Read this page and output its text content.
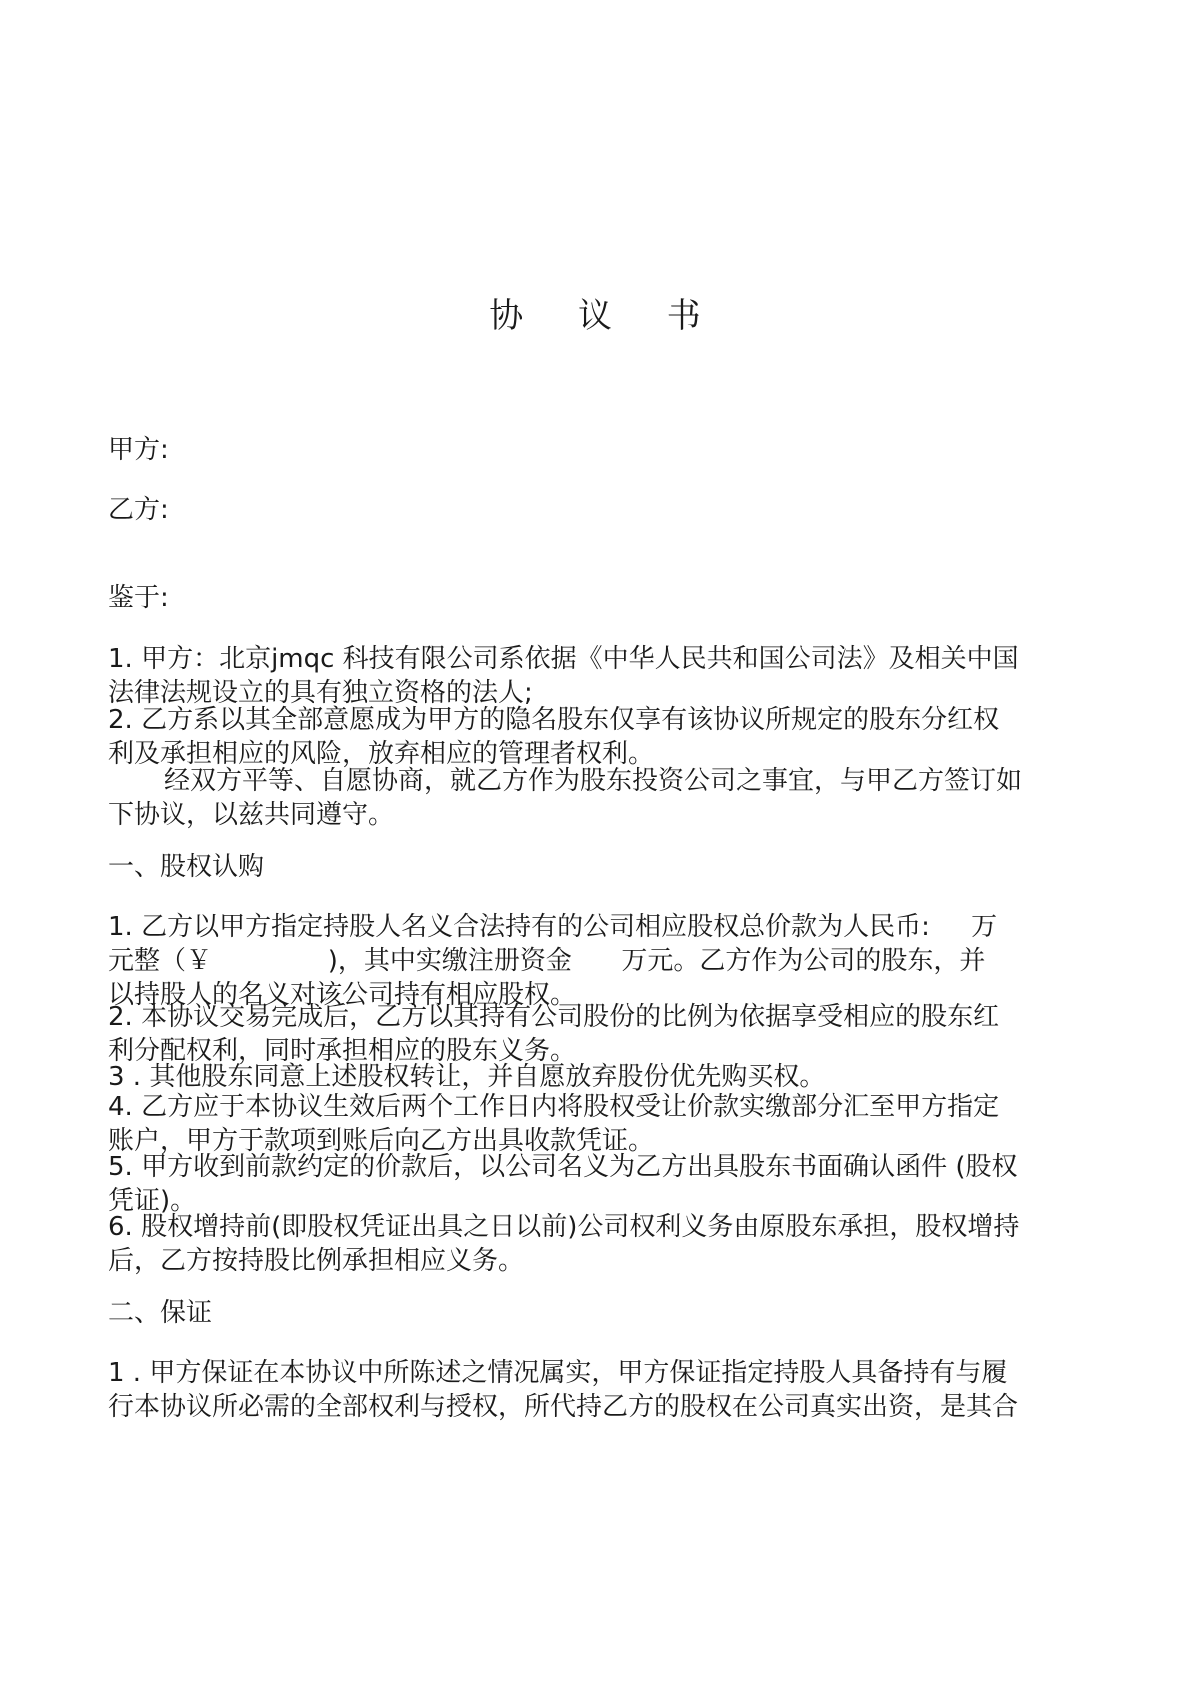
协 议 书

甲方:

乙方:

鉴于:

1. 甲方：北京jmqc 科技有限公司系依据《中华人民共和国公司法》及相关中国
法律法规设立的具有独立资格的法人;
2. 乙方系以其全部意愿成为甲方的隐名股东仅享有该协议所规定的股东分红权
利及承担相应的风险，放弃相应的管理者权利。
经双方平等、自愿协商，就乙方作为股东投资公司之事宜，与甲乙方签订如
下协议，以兹共同遵守。

一、股权认购

1. 乙方以甲方指定持股人名义合法持有的公司相应股权总价款为人民币:     万
元整（￥              )，其中实缴注册资金      万元。乙方作为公司的股东，并
以持股人的名义对该公司持有相应股权。
2. 本协议交易完成后，乙方以其持有公司股份的比例为依据享受相应的股东红
利分配权利，同时承担相应的股东义务。
3 . 其他股东同意上述股权转让，并自愿放弃股份优先购买权。
4. 乙方应于本协议生效后两个工作日内将股权受让价款实缴部分汇至甲方指定
账户，甲方于款项到账后向乙方出具收款凭证。
5. 甲方收到前款约定的价款后，以公司名义为乙方出具股东书面确认函件 (股权
凭证)。
6. 股权增持前(即股权凭证出具之日以前)公司权利义务由原股东承担，股权增持
后，乙方按持股比例承担相应义务。

二、保证

1 . 甲方保证在本协议中所陈述之情况属实，甲方保证指定持股人具备持有与履
行本协议所必需的全部权利与授权，所代持乙方的股权在公司真实出资，是其合
